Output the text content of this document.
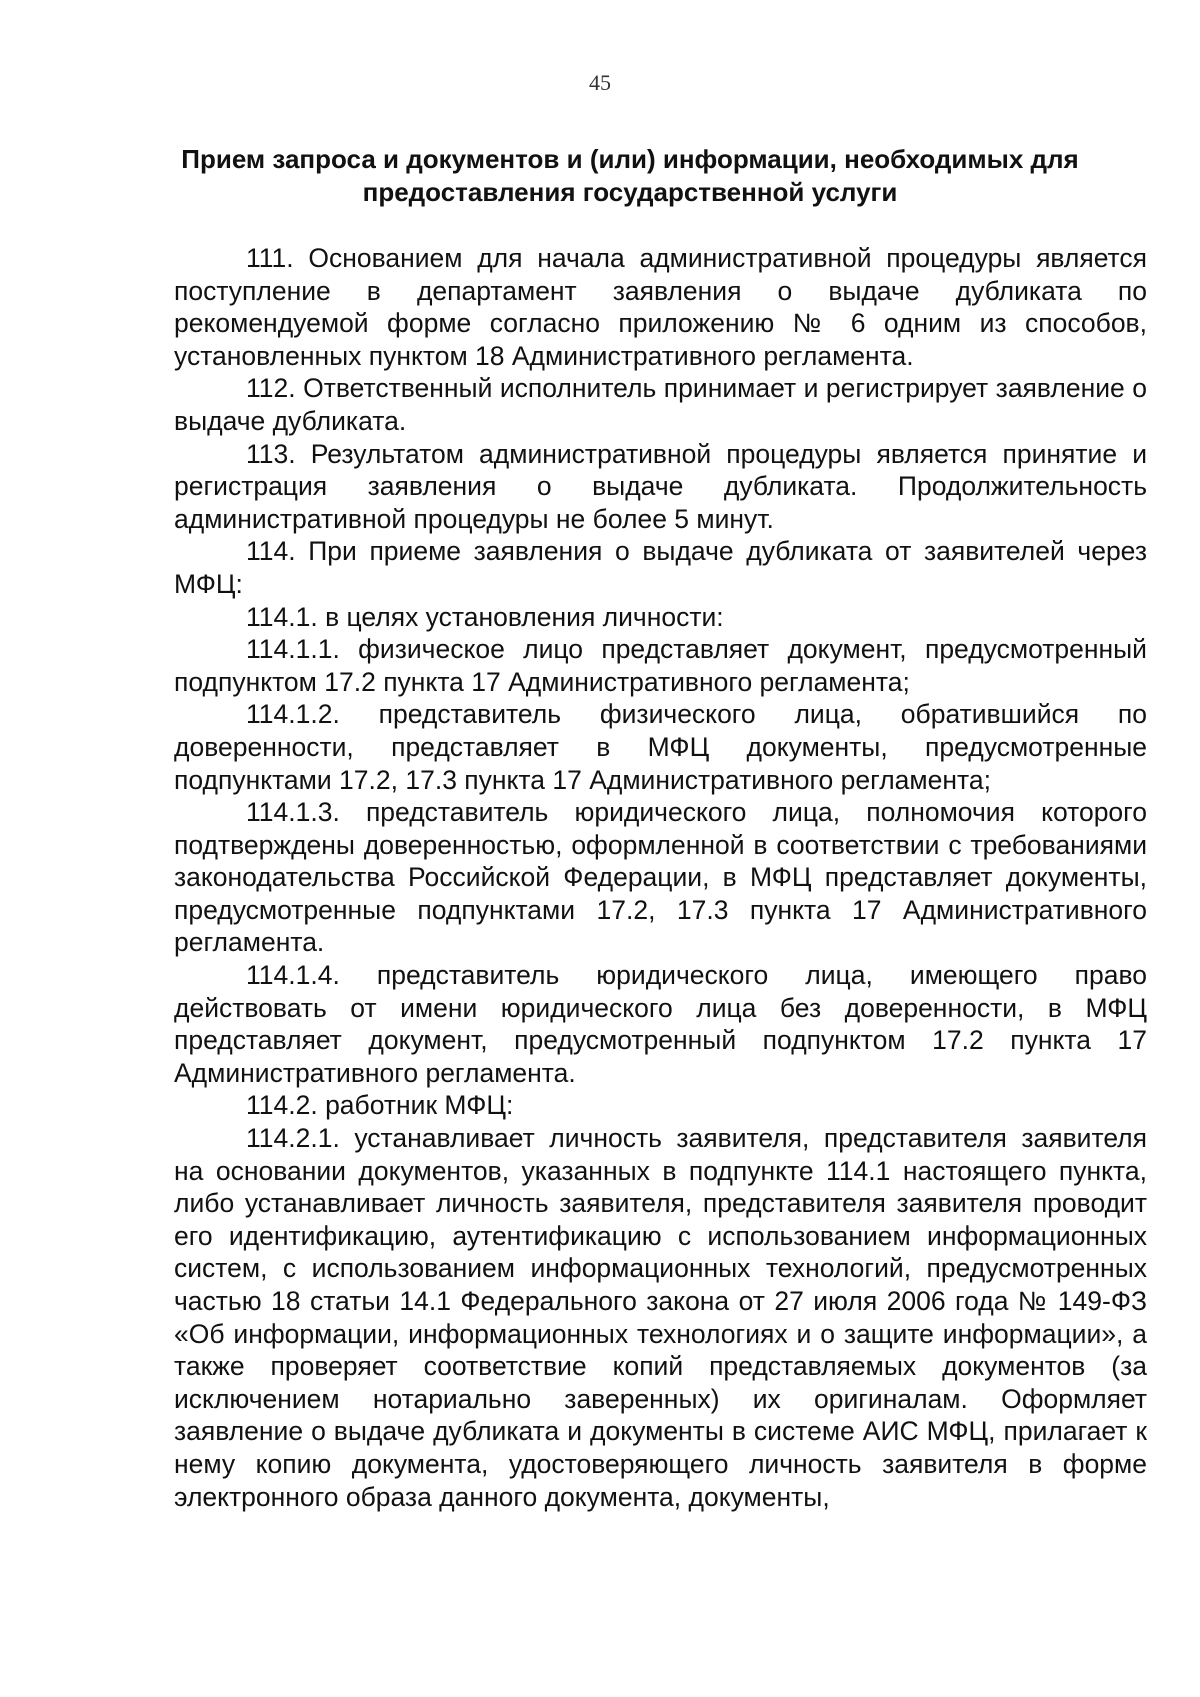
45
Прием запроса и документов и (или) информации, необходимых для предоставления государственной услуги

111. Основанием для начала административной процедуры является поступление в департамент заявления о выдаче дубликата по рекомендуемой форме согласно приложению № 6 одним из способов, установленных пунктом 18 Административного регламента.

112. Ответственный исполнитель принимает и регистрирует заявление о выдаче дубликата.

113. Результатом административной процедуры является принятие и регистрация заявления о выдаче дубликата. Продолжительность административной процедуры не более 5 минут.

114. При приеме заявления о выдаче дубликата от заявителей через МФЦ:

114.1. в целях установления личности:

114.1.1. физическое лицо представляет документ, предусмотренный подпунктом 17.2 пункта 17 Административного регламента;

114.1.2. представитель физического лица, обратившийся по доверенности, представляет в МФЦ документы, предусмотренные подпунктами 17.2, 17.3 пункта 17 Административного регламента;

114.1.3. представитель юридического лица, полномочия которого подтверждены доверенностью, оформленной в соответствии с требованиями законодательства Российской Федерации, в МФЦ представляет документы, предусмотренные подпунктами 17.2, 17.3 пункта 17 Административного регламента.

114.1.4. представитель юридического лица, имеющего право действовать от имени юридического лица без доверенности, в МФЦ представляет документ, предусмотренный подпунктом 17.2 пункта 17 Административного регламента.

114.2. работник МФЦ:

114.2.1. устанавливает личность заявителя, представителя заявителя на основании документов, указанных в подпункте 114.1 настоящего пункта, либо устанавливает личность заявителя, представителя заявителя проводит его идентификацию, аутентификацию с использованием информационных систем, с использованием информационных технологий, предусмотренных частью 18 статьи 14.1 Федерального закона от 27 июля 2006 года № 149-ФЗ «Об информации, информационных технологиях и о защите информации», а также проверяет соответствие копий представляемых документов (за исключением нотариально заверенных) их оригиналам. Оформляет заявление о выдаче дубликата и документы в системе АИС МФЦ, прилагает к нему копию документа, удостоверяющего личность заявителя в форме электронного образа данного документа, документы,
